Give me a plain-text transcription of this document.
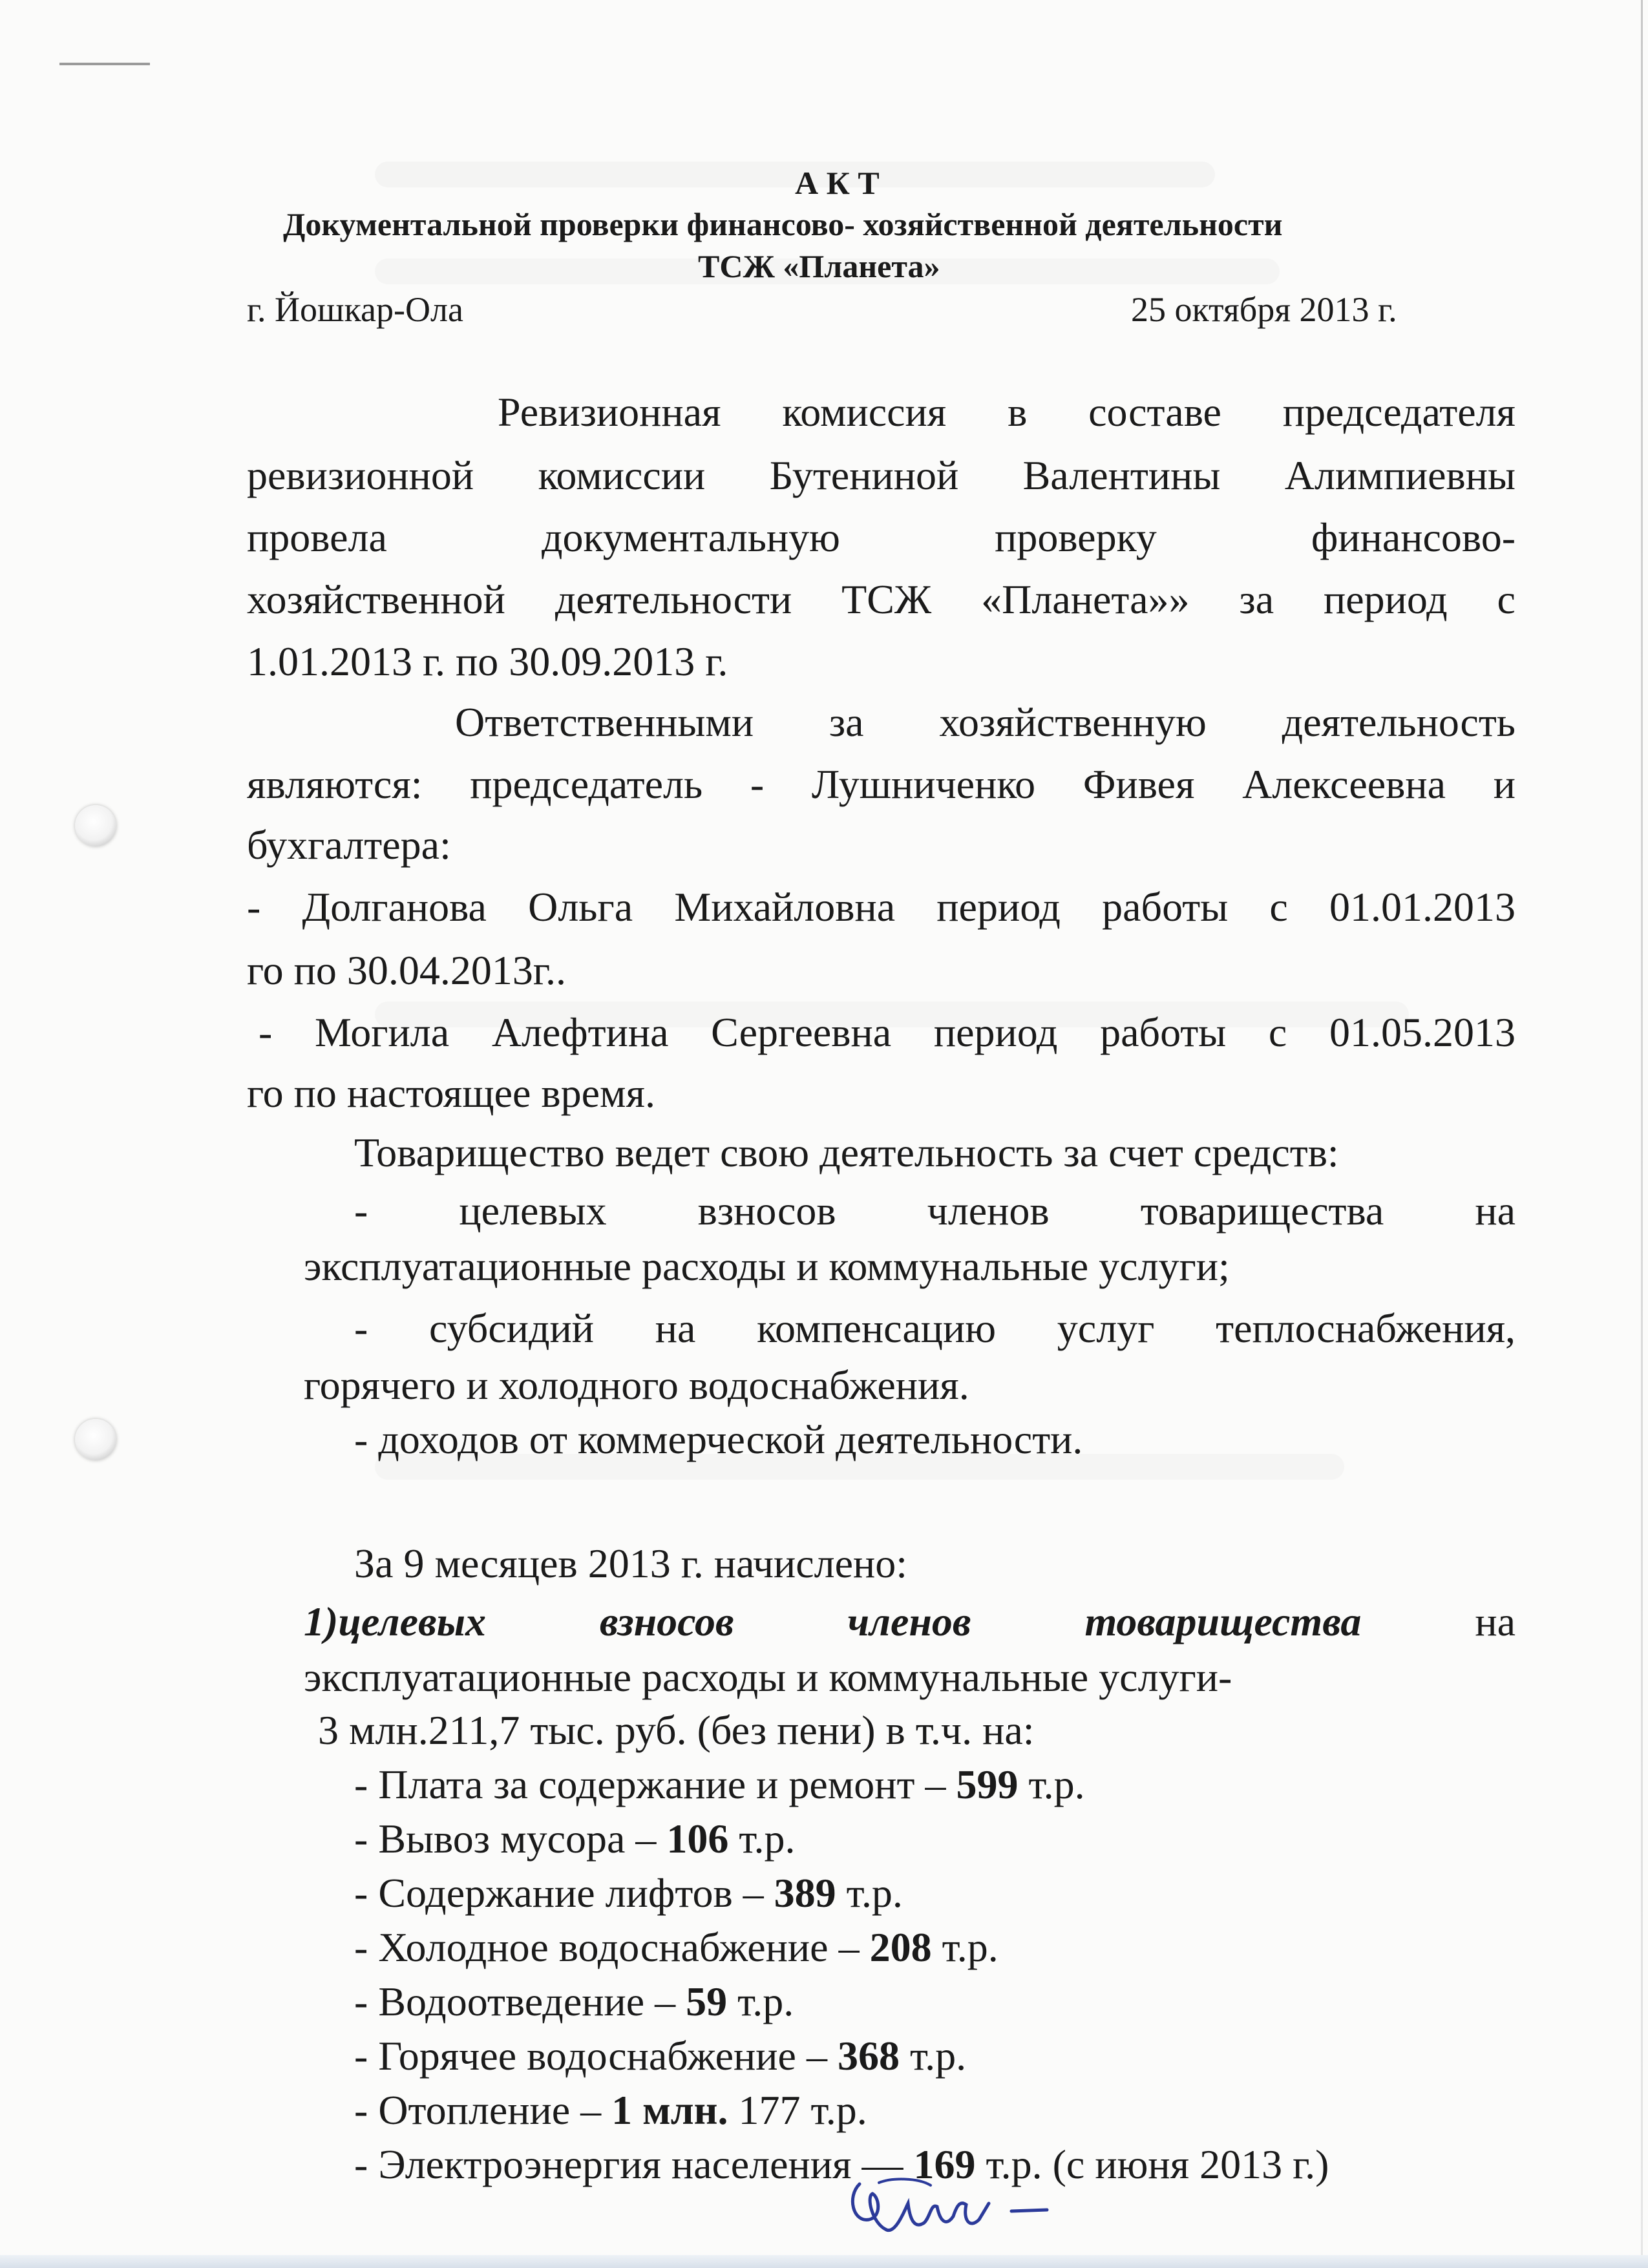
А К Т
Документальной проверки финансово- хозяйственной деятельности
ТСЖ «Планета»
г. Йошкар-Ола	25 октября 2013 г.
Ревизионная комиссия в составе председателя
ревизионной комиссии Бутениной Валентины Алимпиевны
провела	документальную	проверку	финансово-
хозяйственной деятельности ТСЖ «Планета»» за период с
1.01.2013 г. по 30.09.2013 г.
Ответственными за хозяйственную деятельность
являются: председатель - Лушниченко Фивея Алексеевна и
бухгалтера:
- Долганова Ольга Михайловна период работы с 01.01.2013
го по 30.04.2013г..
- Могила Алефтина Сергеевна период работы с 01.05.2013
го по настоящее время.
Товарищество ведет свою деятельность за счет средств:
- целевых взносов членов товарищества на
эксплуатационные расходы и коммунальные услуги;
- субсидий на компенсацию услуг теплоснабжения,
горячего и холодного водоснабжения.
- доходов от коммерческой деятельности.
За 9 месяцев 2013 г. начислено:
1)целевых	взносов	членов	товарищества	на
эксплуатационные расходы и коммунальные услуги-
3 млн.211,7 тыс. руб. (без пени) в т.ч. на:
- Плата за содержание и ремонт – 599 т.р.
- Вывоз мусора – 106 т.р.
- Содержание лифтов – 389 т.р.
- Холодное водоснабжение – 208 т.р.
- Водоотведение – 59 т.р.
- Горячее водоснабжение – 368 т.р.
- Отопление – 1 млн. 177 т.р.
- Электроэнергия населения — 169 т.р. (с июня 2013 г.)
